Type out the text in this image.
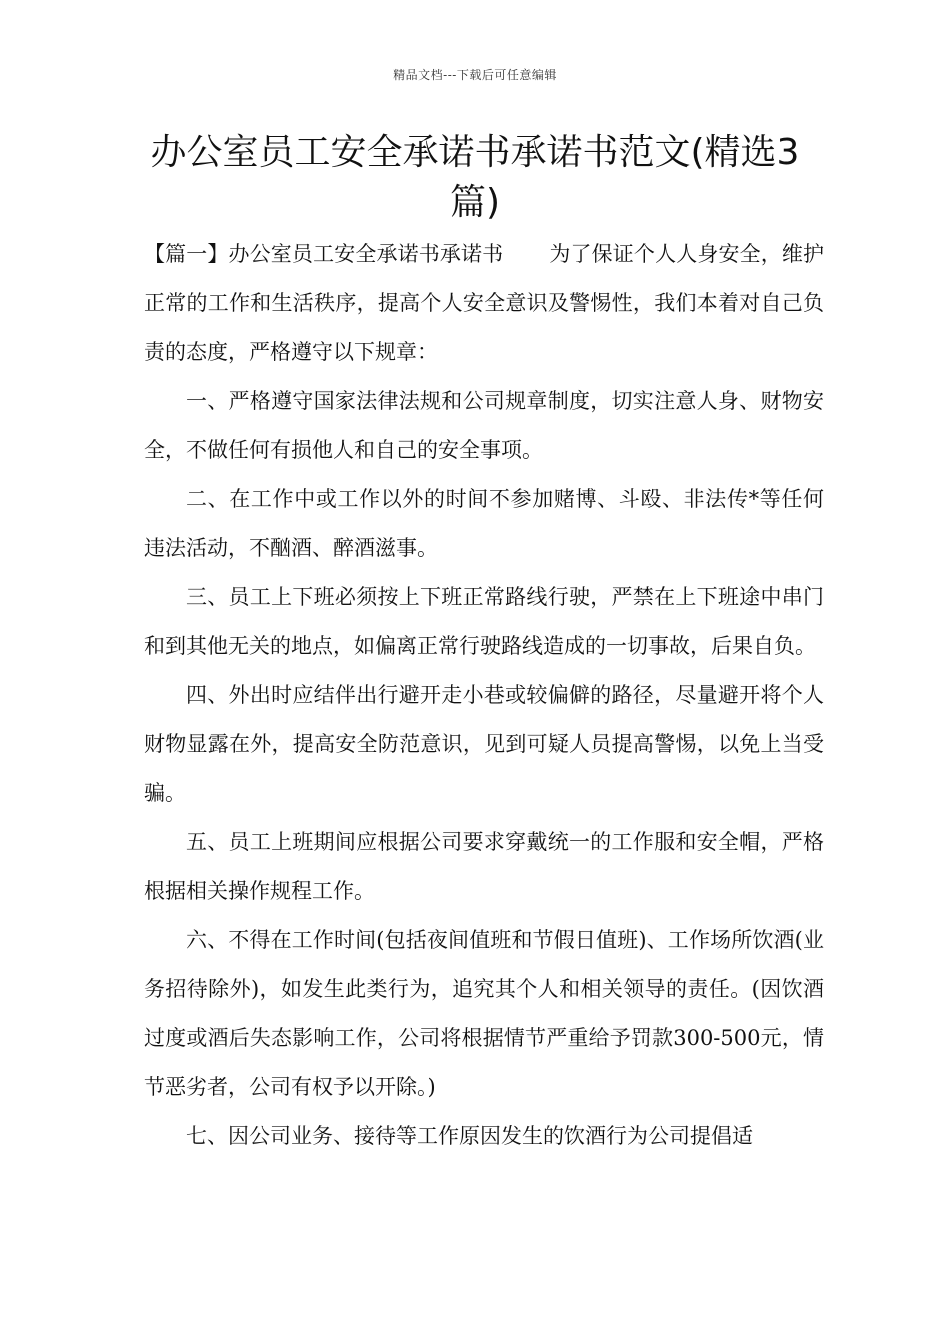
精品文档---下载后可任意编辑
办公室员工安全承诺书承诺书范文(精选3篇)

【篇一】办公室员工安全承诺书承诺书 为了保证个人人身安全，维护正常的工作和生活秩序，提高个人安全意识及警惕性，我们本着对自己负责的态度，严格遵守以下规章：

一、严格遵守国家法律法规和公司规章制度，切实注意人身、财物安全，不做任何有损他人和自己的安全事项。

二、在工作中或工作以外的时间不参加赌博、斗殴、非法传*等任何违法活动，不酗酒、醉酒滋事。

三、员工上下班必须按上下班正常路线行驶，严禁在上下班途中串门和到其他无关的地点，如偏离正常行驶路线造成的一切事故，后果自负。

四、外出时应结伴出行避开走小巷或较偏僻的路径，尽量避开将个人财物显露在外，提高安全防范意识，见到可疑人员提高警惕，以免上当受骗。

五、员工上班期间应根据公司要求穿戴统一的工作服和安全帽，严格根据相关操作规程工作。

六、不得在工作时间(包括夜间值班和节假日值班)、工作场所饮酒(业务招待除外)，如发生此类行为，追究其个人和相关领导的责任。(因饮酒过度或酒后失态影响工作，公司将根据情节严重给予罚款300-500元，情节恶劣者，公司有权予以开除。)

七、因公司业务、接待等工作原因发生的饮酒行为公司提倡适
